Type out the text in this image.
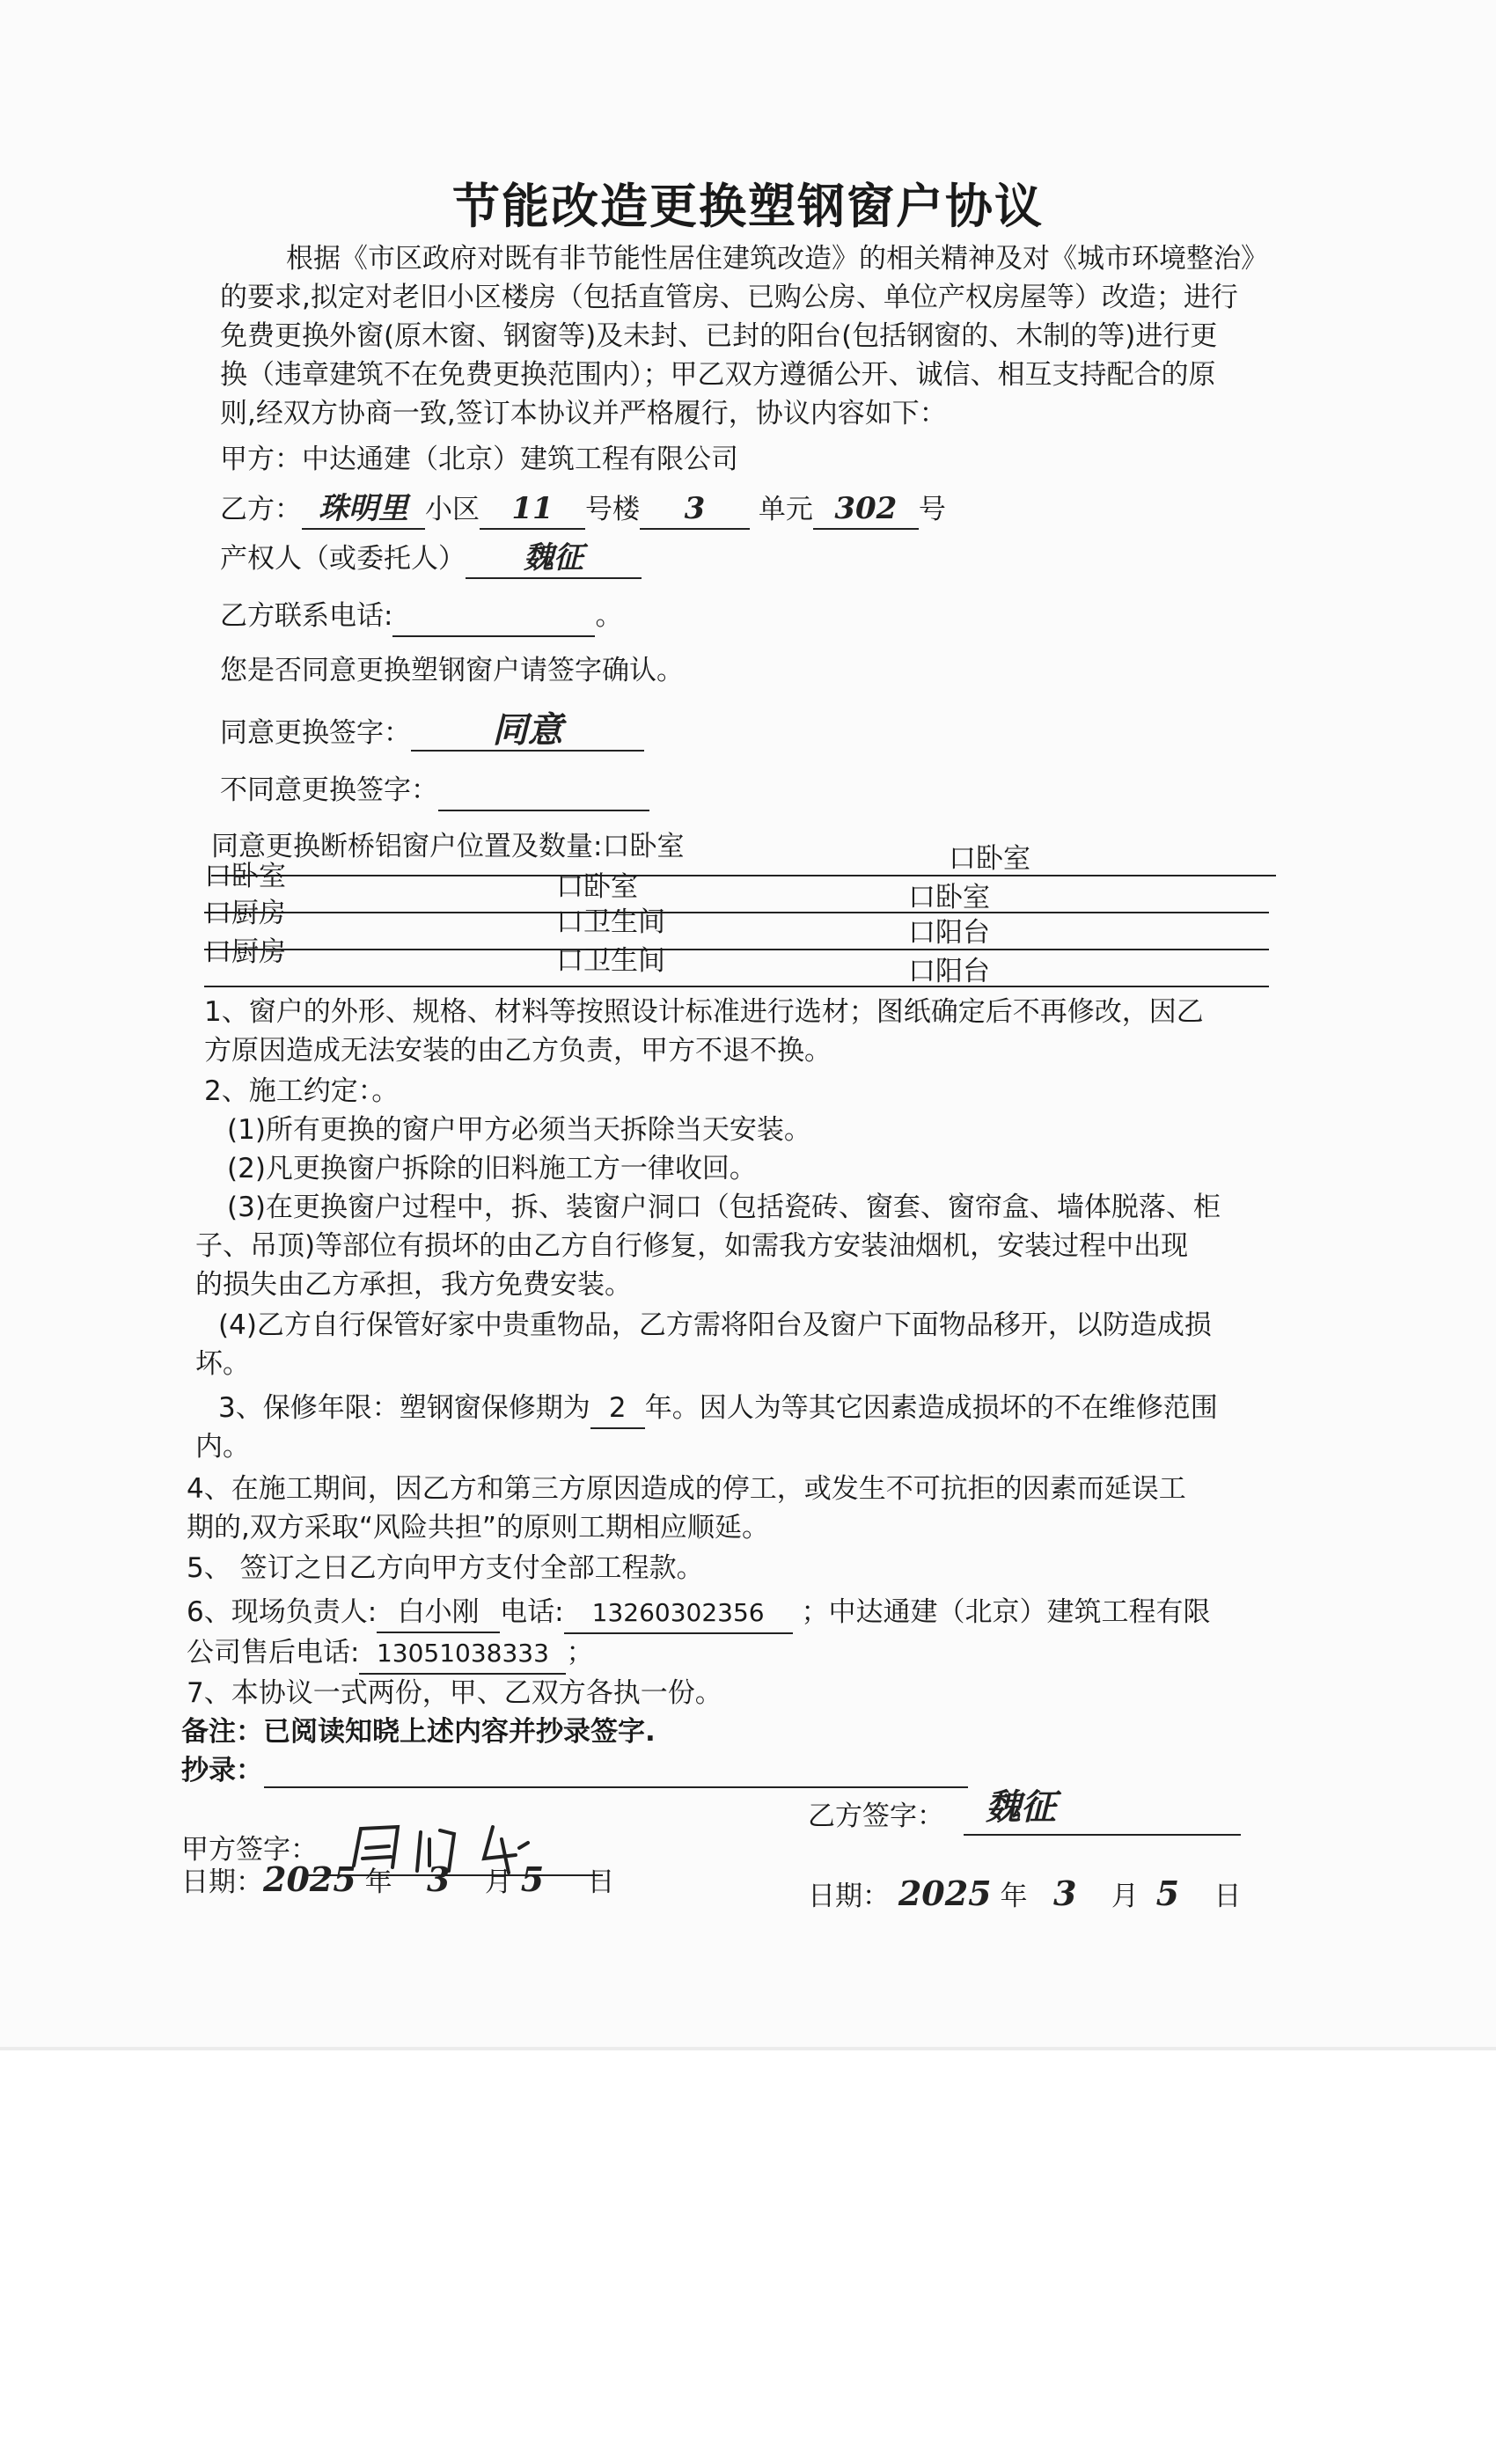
节能改造更换塑钢窗户协议
根据《市区政府对既有非节能性居住建筑改造》的相关精神及对《城市环境整治》
的要求,拟定对老旧小区楼房（包括直管房、已购公房、单位产权房屋等）改造；进行
免费更换外窗(原木窗、钢窗等)及未封、已封的阳台(包括钢窗的、木制的等)进行更
换（违章建筑不在免费更换范围内）；甲乙双方遵循公开、诚信、相互支持配合的原
则,经双方协商一致,签订本协议并严格履行，协议内容如下：
甲方：中达通建（北京）建筑工程有限公司
乙方： 珠明里 小区 11 号楼 3 单元 302 号
产权人（或委托人） 魏征
乙方联系电话:	。
您是否同意更换塑钢窗户请签字确认。
同意更换签字： 同意
不同意更换签字：
同意更换断桥铝窗户位置及数量:口卧室	口卧室
口卧室	口卧室	口卧室
口厨房	口卫生间	口阳台
口厨房	口卫生间	口阳台
1、窗户的外形、规格、材料等按照设计标准进行选材；图纸确定后不再修改，因乙
方原因造成无法安装的由乙方负责，甲方不退不换。
2、施工约定：。
(1)所有更换的窗户甲方必须当天拆除当天安装。
(2)凡更换窗户拆除的旧料施工方一律收回。
(3)在更换窗户过程中，拆、装窗户洞口（包括瓷砖、窗套、窗帘盒、墙体脱落、柜
子、吊顶)等部位有损坏的由乙方自行修复，如需我方安装油烟机，安装过程中出现
的损失由乙方承担，我方免费安装。
(4)乙方自行保管好家中贵重物品，乙方需将阳台及窗户下面物品移开，以防造成损
坏。
3、保修年限：塑钢窗保修期为 2 年。因人为等其它因素造成损坏的不在维修范围
内。
4、在施工期间，因乙方和第三方原因造成的停工，或发生不可抗拒的因素而延误工
期的,双方采取“风险共担”的原则工期相应顺延。
5、 签订之日乙方向甲方支付全部工程款。
6、现场负责人: 白小刚 电话: 13260302356 ；中达通建（北京）建筑工程有限
公司售后电话: 13051038333 ；
7、本协议一式两份，甲、乙双方各执一份。
备注：已阅读知晓上述内容并抄录签字.
抄录：
甲方签字：
乙方签字： 魏征
日期：2025 年 3 月 5 日	日期： 2025 年 3 月 5 日
